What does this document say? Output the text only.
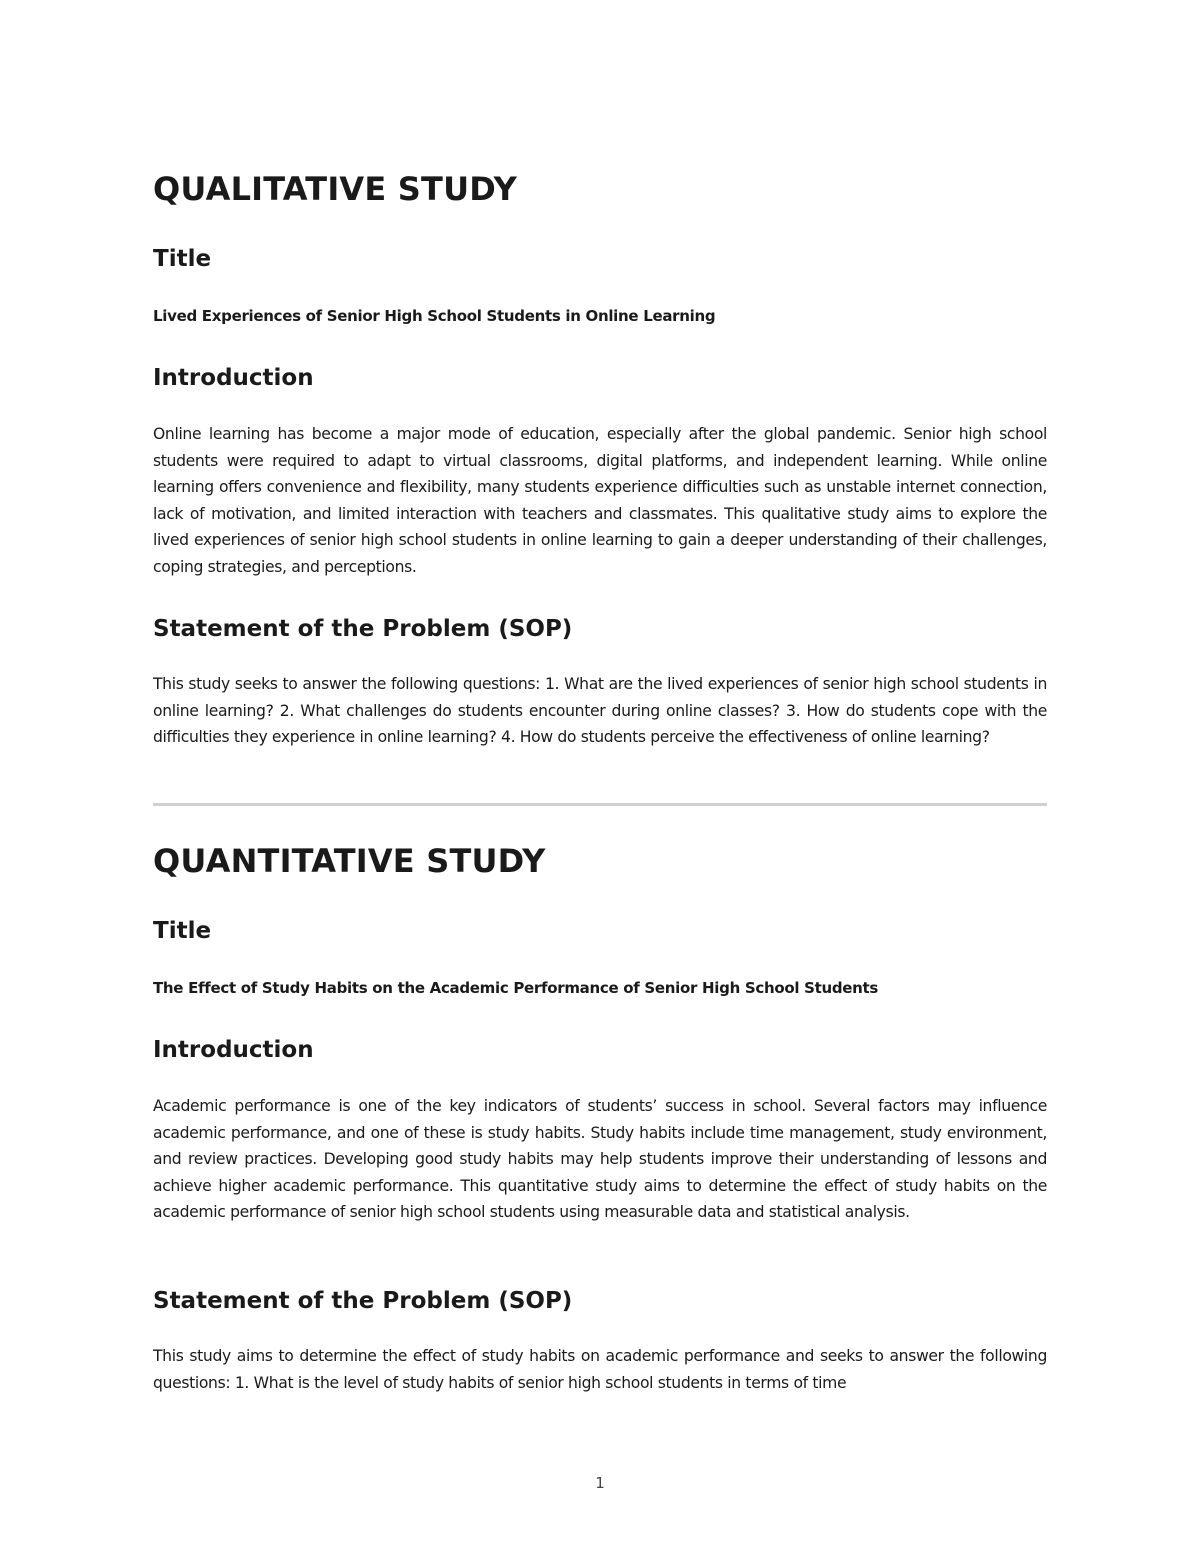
QUALITATIVE STUDY
Title

Lived Experiences of Senior High School Students in Online Learning

Introduction

Online learning has become a major mode of education, especially after the global pandemic. Senior high school students were required to adapt to virtual classrooms, digital platforms, and independent learning. While online learning offers convenience and flexibility, many students experience difficulties such as unstable internet connection, lack of motivation, and limited interaction with teachers and classmates. This qualitative study aims to explore the lived experiences of senior high school students in online learning to gain a deeper understanding of their challenges, coping strategies, and perceptions.

Statement of the Problem (SOP)

This study seeks to answer the following questions: 1. What are the lived experiences of senior high school students in online learning? 2. What challenges do students encounter during online classes? 3. How do students cope with the difficulties they experience in online learning? 4. How do students perceive the effectiveness of online learning?

QUANTITATIVE STUDY
Title

The Effect of Study Habits on the Academic Performance of Senior High School Students

Introduction

Academic performance is one of the key indicators of students’ success in school. Several factors may influence academic performance, and one of these is study habits. Study habits include time management, study environment, and review practices. Developing good study habits may help students improve their understanding of lessons and achieve higher academic performance. This quantitative study aims to determine the effect of study habits on the academic performance of senior high school students using measurable data and statistical analysis.

Statement of the Problem (SOP)

This study aims to determine the effect of study habits on academic performance and seeks to answer the following questions: 1. What is the level of study habits of senior high school students in terms of time

1
